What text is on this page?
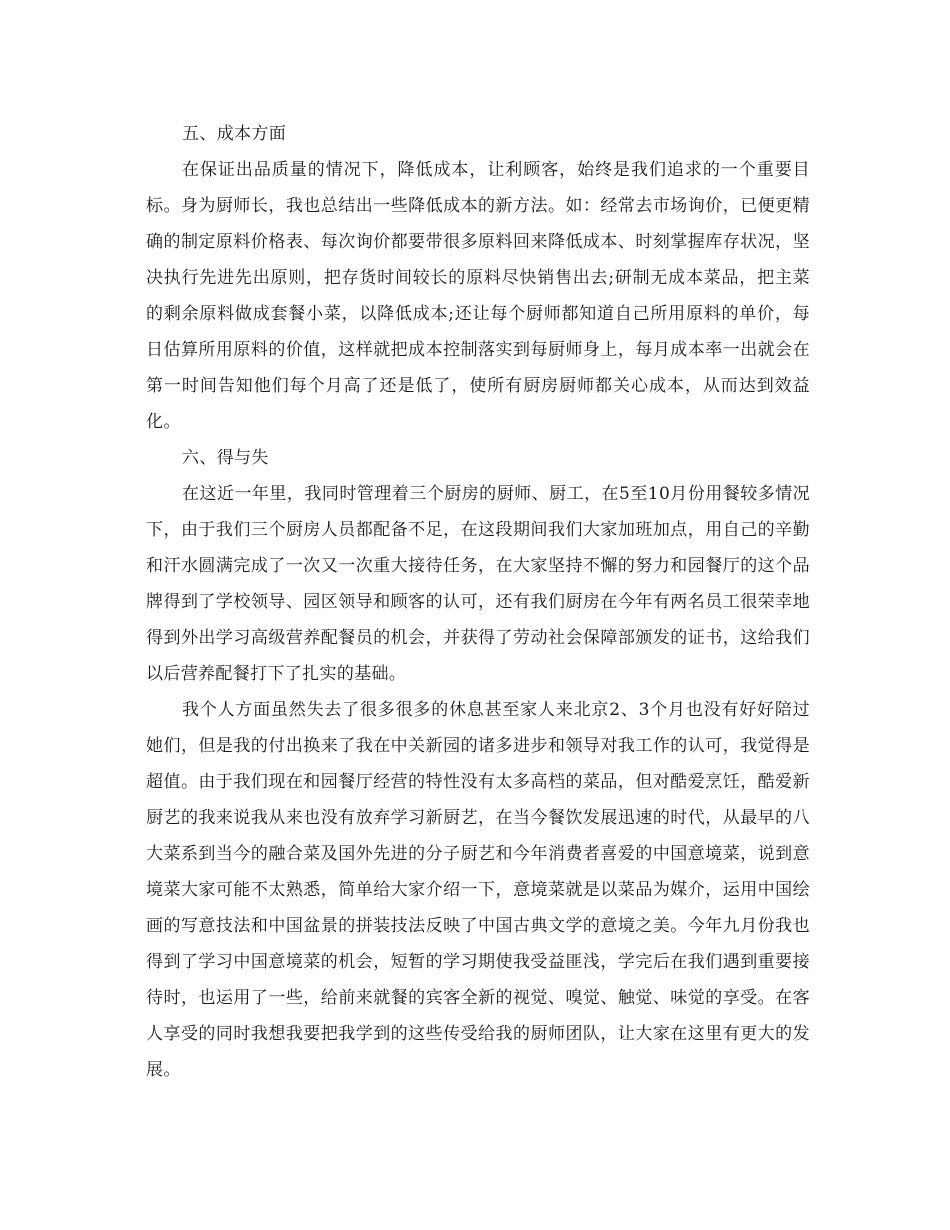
五、成本方面

在保证出品质量的情况下，降低成本，让利顾客，始终是我们追求的一个重要目标。身为厨师长，我也总结出一些降低成本的新方法。如：经常去市场询价，已便更精确的制定原料价格表、每次询价都要带很多原料回来降低成本、时刻掌握库存状况，坚决执行先进先出原则，把存货时间较长的原料尽快销售出去;研制无成本菜品，把主菜的剩余原料做成套餐小菜，以降低成本;还让每个厨师都知道自己所用原料的单价，每日估算所用原料的价值，这样就把成本控制落实到每厨师身上，每月成本率一出就会在第一时间告知他们每个月高了还是低了，使所有厨房厨师都关心成本，从而达到效益化。

六、得与失

在这近一年里，我同时管理着三个厨房的厨师、厨工，在5至10月份用餐较多情况下，由于我们三个厨房人员都配备不足，在这段期间我们大家加班加点，用自己的辛勤和汗水圆满完成了一次又一次重大接待任务，在大家坚持不懈的努力和园餐厅的这个品牌得到了学校领导、园区领导和顾客的认可，还有我们厨房在今年有两名员工很荣幸地得到外出学习高级营养配餐员的机会，并获得了劳动社会保障部颁发的证书，这给我们以后营养配餐打下了扎实的基础。

我个人方面虽然失去了很多很多的休息甚至家人来北京2、3个月也没有好好陪过她们，但是我的付出换来了我在中关新园的诸多进步和领导对我工作的认可，我觉得是超值。由于我们现在和园餐厅经营的特性没有太多高档的菜品，但对酷爱烹饪，酷爱新厨艺的我来说我从来也没有放弃学习新厨艺，在当今餐饮发展迅速的时代，从最早的八大菜系到当今的融合菜及国外先进的分子厨艺和今年消费者喜爱的中国意境菜，说到意境菜大家可能不太熟悉，简单给大家介绍一下，意境菜就是以菜品为媒介，运用中国绘画的写意技法和中国盆景的拼装技法反映了中国古典文学的意境之美。今年九月份我也得到了学习中国意境菜的机会，短暂的学习期使我受益匪浅，学完后在我们遇到重要接待时，也运用了一些，给前来就餐的宾客全新的视觉、嗅觉、触觉、味觉的享受。在客人享受的同时我想我要把我学到的这些传受给我的厨师团队，让大家在这里有更大的发展。
